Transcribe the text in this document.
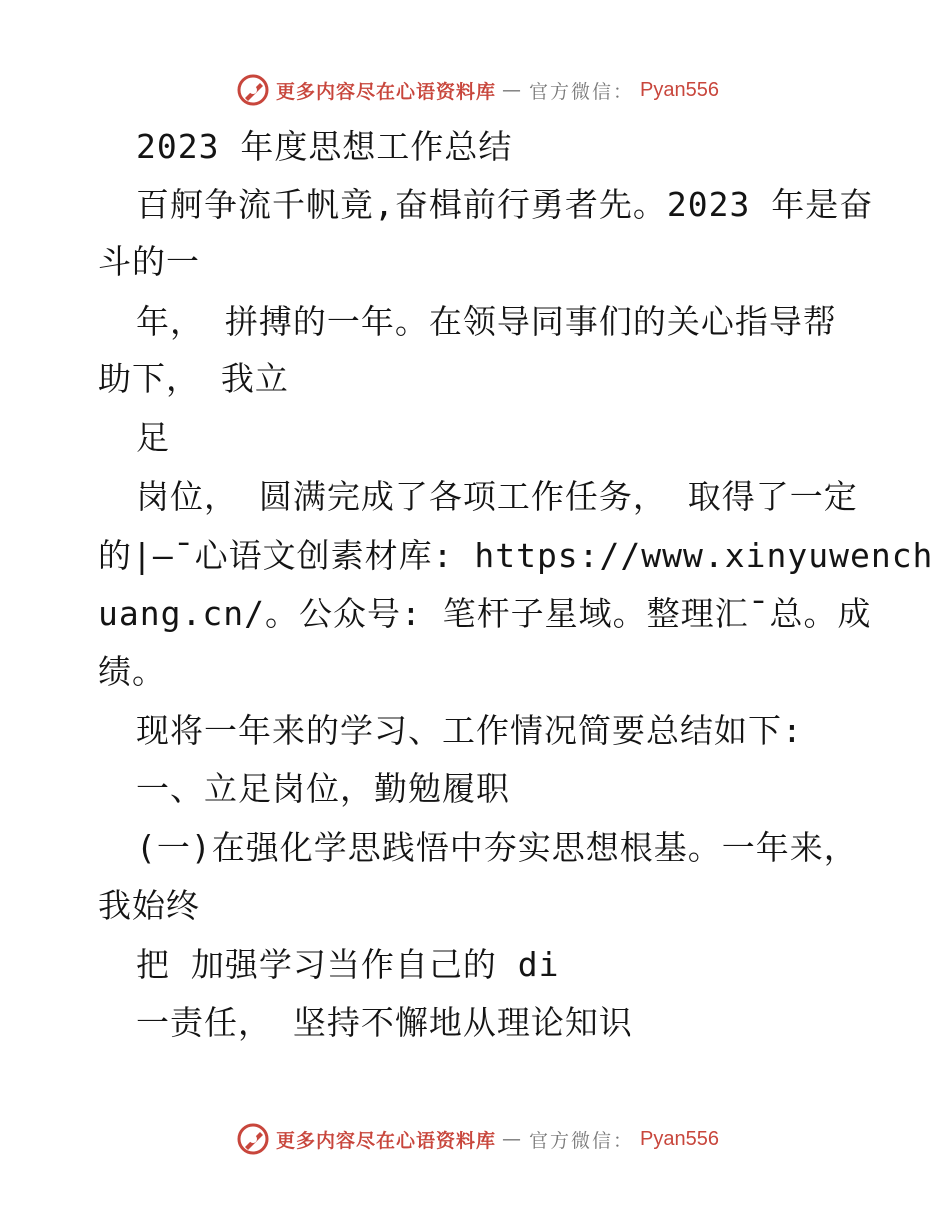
更多内容尽在心语资料库 — 官方微信： Pyan556
2023 年度思想工作总结
百舸争流千帆竟,奋楫前行勇者先。2023 年是奋
斗的一
年， 拼搏的一年。在领导同事们的关心指导帮
助下， 我立
足
岗位， 圆满完成了各项工作任务， 取得了一定
的|—¯心语文创素材库: https://www.xinyuwench
uang.cn/。公众号: 笔杆子星域。整理汇¯总。成
绩。
现将一年来的学习、工作情况简要总结如下:
一、立足岗位，勤勉履职
(一)在强化学思践悟中夯实思想根基。一年来，
我始终
把 加强学习当作自己的 di
一责任， 坚持不懈地从理论知识
更多内容尽在心语资料库 — 官方微信： Pyan556
